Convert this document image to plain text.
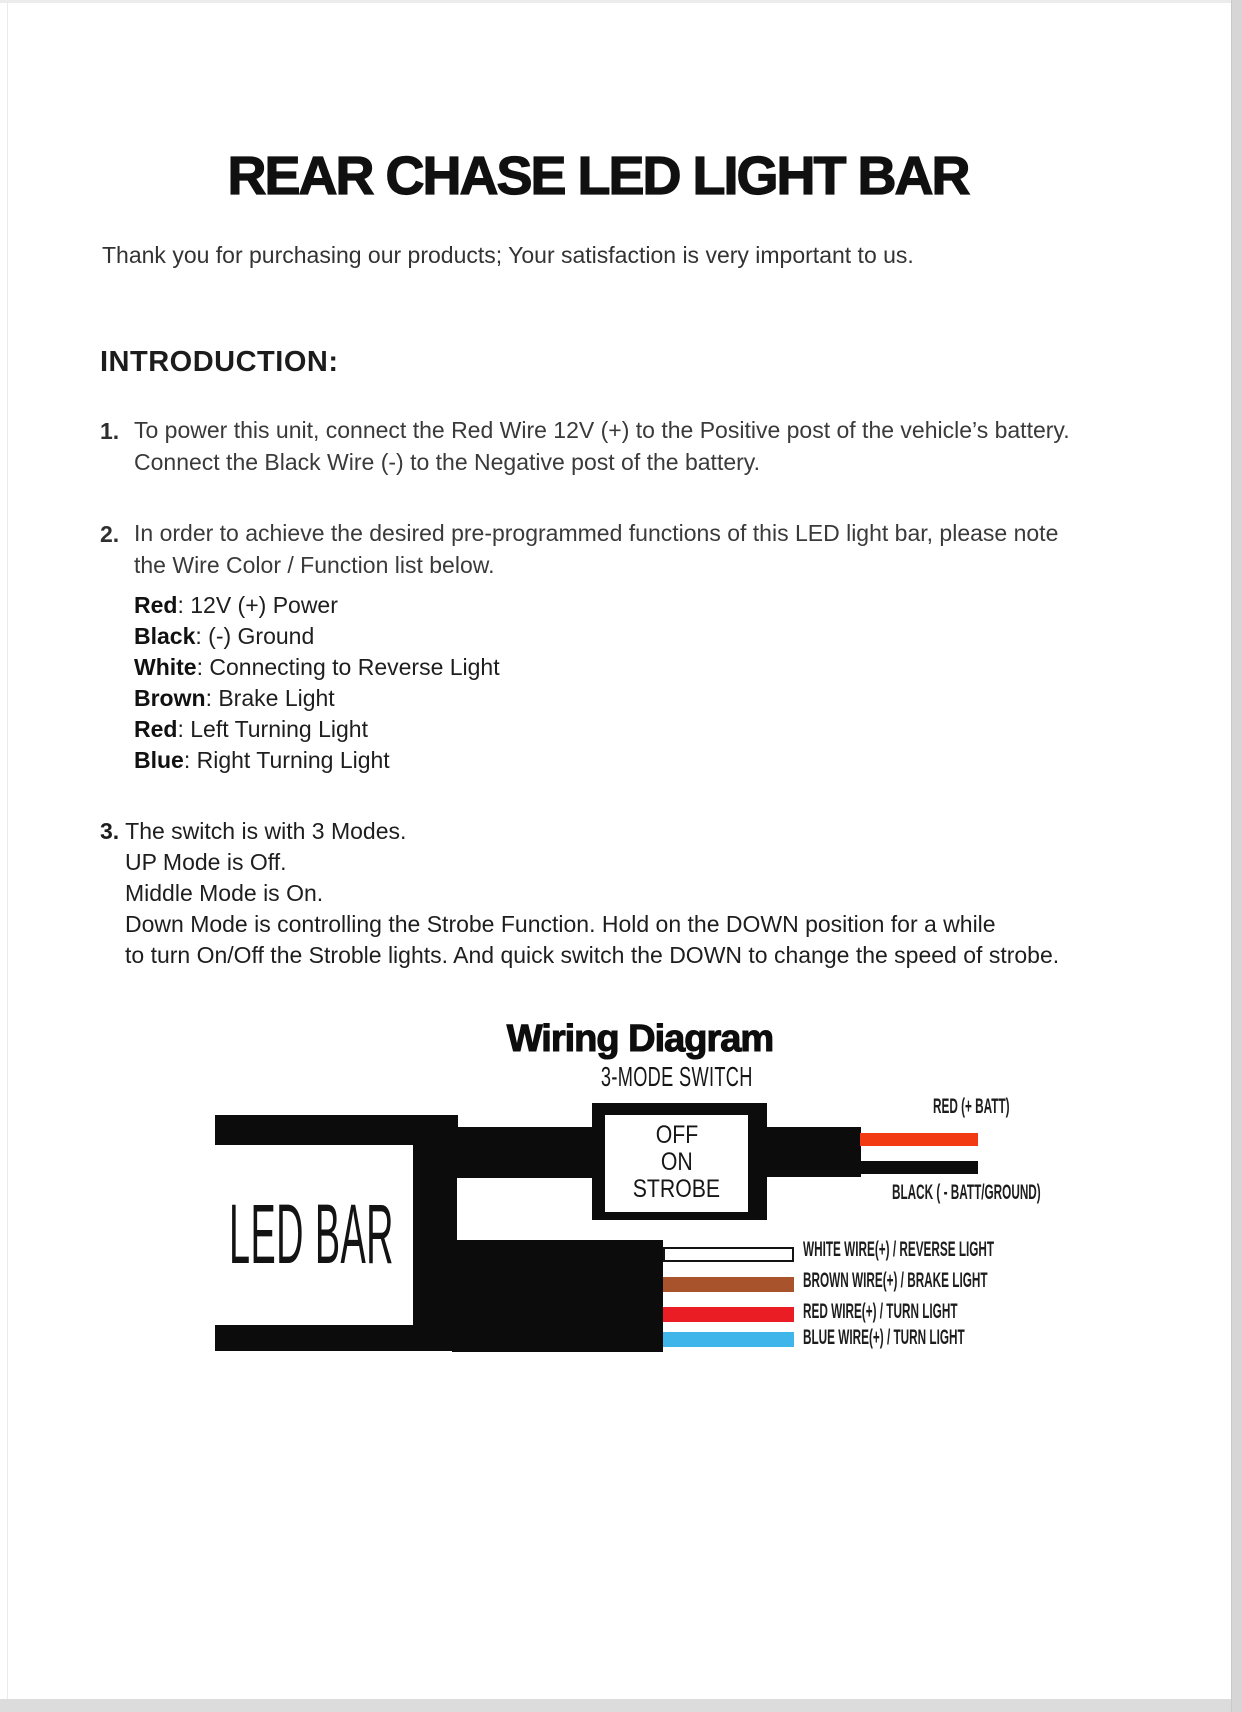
REAR CHASE LED LIGHT BAR
Thank you for purchasing our products; Your satisfaction is very important to us.
INTRODUCTION:
1. To power this unit, connect the Red Wire 12V (+) to the Positive post of the vehicle’s battery.
Connect the Black Wire (-) to the Negative post of the battery.
2. In order to achieve the desired pre-programmed functions of this LED light bar, please note
the Wire Color / Function list below.
Red: 12V (+) Power
Black: (-) Ground
White: Connecting to Reverse Light
Brown: Brake Light
Red: Left Turning Light
Blue: Right Turning Light
3. The switch is with 3 Modes.
UP Mode is Off.
Middle Mode is On.
Down Mode is controlling the Strobe Function. Hold on the DOWN position for a while
to turn On/Off the Stroble lights. And quick switch the DOWN to change the speed of strobe.
Wiring Diagram
3-MODE SWITCH
LED BAR
OFF
ON
STROBE
RED (+ BATT)
BLACK ( - BATT/GROUND)
WHITE WIRE(+) / REVERSE LIGHT
BROWN WIRE(+) / BRAKE LIGHT
RED WIRE(+) / TURN LIGHT
BLUE WIRE(+) / TURN LIGHT
